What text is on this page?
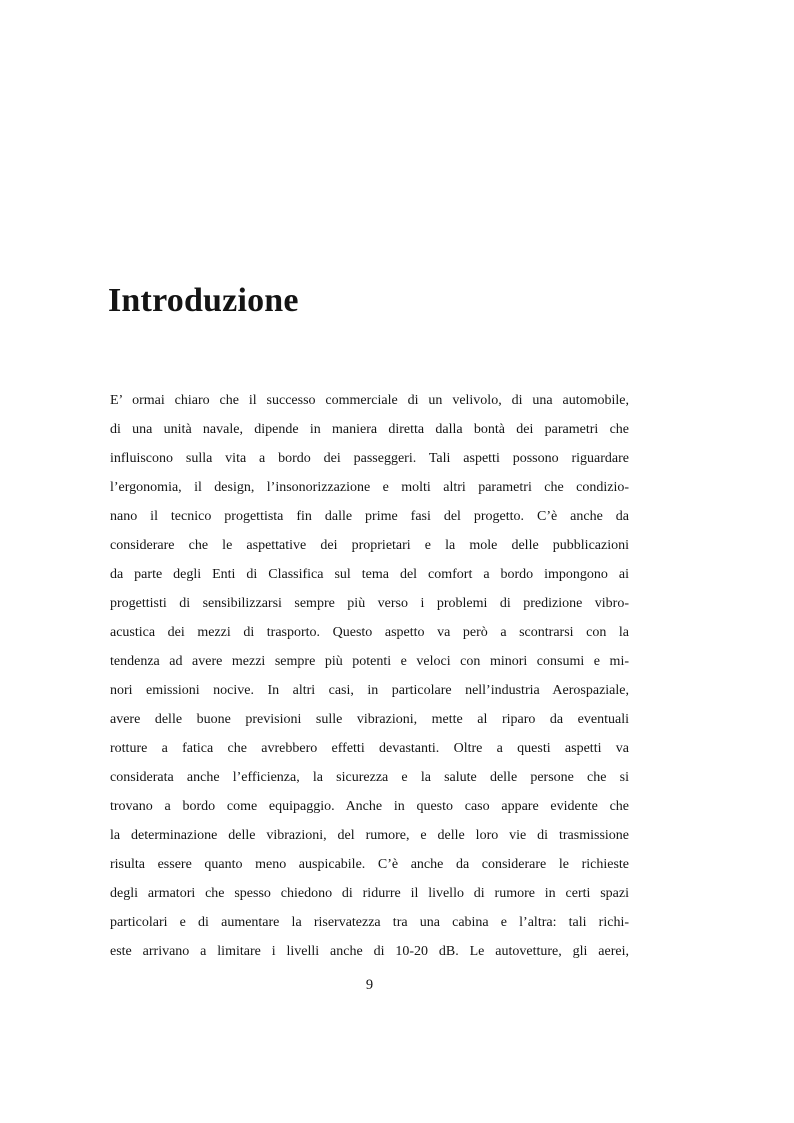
Introduzione
E’ ormai chiaro che il successo commerciale di un velivolo, di una automobile,
di una unità navale, dipende in maniera diretta dalla bontà dei parametri che
influiscono sulla vita a bordo dei passeggeri. Tali aspetti possono riguardare
l’ergonomia, il design, l’insonorizzazione e molti altri parametri che condizio-
nano il tecnico progettista fin dalle prime fasi del progetto. C’è anche da
considerare che le aspettative dei proprietari e la mole delle pubblicazioni
da parte degli Enti di Classifica sul tema del comfort a bordo impongono ai
progettisti di sensibilizzarsi sempre più verso i problemi di predizione vibro-
acustica dei mezzi di trasporto. Questo aspetto va però a scontrarsi con la
tendenza ad avere mezzi sempre più potenti e veloci con minori consumi e mi-
nori emissioni nocive. In altri casi, in particolare nell’industria Aerospaziale,
avere delle buone previsioni sulle vibrazioni, mette al riparo da eventuali
rotture a fatica che avrebbero effetti devastanti. Oltre a questi aspetti va
considerata anche l’efficienza, la sicurezza e la salute delle persone che si
trovano a bordo come equipaggio. Anche in questo caso appare evidente che
la determinazione delle vibrazioni, del rumore, e delle loro vie di trasmissione
risulta essere quanto meno auspicabile. C’è anche da considerare le richieste
degli armatori che spesso chiedono di ridurre il livello di rumore in certi spazi
particolari e di aumentare la riservatezza tra una cabina e l’altra: tali richi-
este arrivano a limitare i livelli anche di 10-20 dB. Le autovetture, gli aerei,
9
